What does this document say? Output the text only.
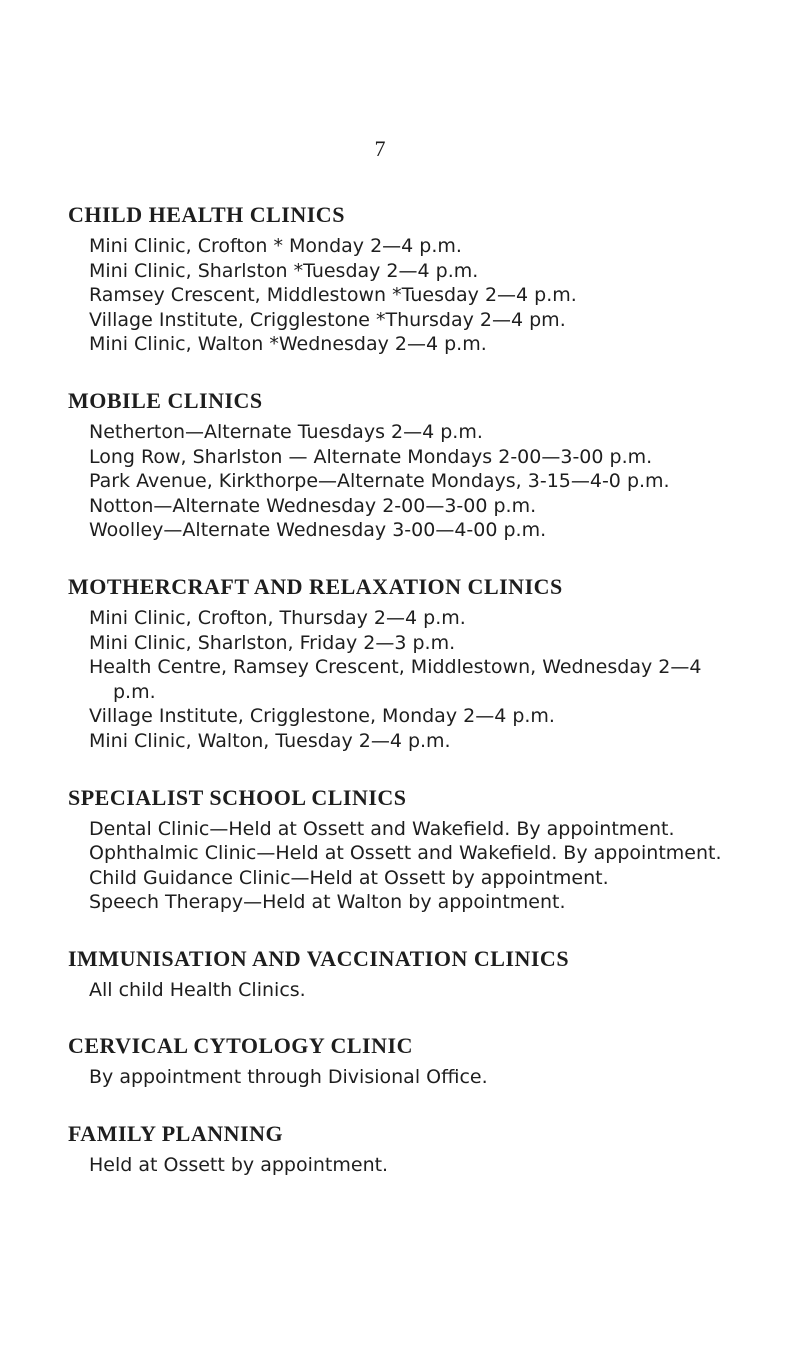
7
CHILD HEALTH CLINICS
Mini Clinic, Crofton * Monday 2—4 p.m.
Mini Clinic, Sharlston *Tuesday 2—4 p.m.
Ramsey Crescent, Middlestown *Tuesday 2—4 p.m.
Village Institute, Crigglestone *Thursday 2—4 pm.
Mini Clinic, Walton *Wednesday 2—4 p.m.
MOBILE CLINICS
Netherton—Alternate Tuesdays 2—4 p.m.
Long Row, Sharlston — Alternate Mondays 2-00—3-00 p.m.
Park Avenue, Kirkthorpe—Alternate Mondays, 3-15—4-0 p.m.
Notton—Alternate Wednesday 2-00—3-00 p.m.
Woolley—Alternate Wednesday 3-00—4-00 p.m.
MOTHERCRAFT AND RELAXATION CLINICS
Mini Clinic, Crofton, Thursday 2—4 p.m.
Mini Clinic, Sharlston, Friday 2—3 p.m.
Health Centre, Ramsey Crescent, Middlestown, Wednesday 2—4 p.m.
Village Institute, Crigglestone, Monday 2—4 p.m.
Mini Clinic, Walton, Tuesday 2—4 p.m.
SPECIALIST SCHOOL CLINICS
Dental Clinic—Held at Ossett and Wakefield. By appointment.
Ophthalmic Clinic—Held at Ossett and Wakefield. By appointment.
Child Guidance Clinic—Held at Ossett by appointment.
Speech Therapy—Held at Walton by appointment.
IMMUNISATION AND VACCINATION CLINICS
All child Health Clinics.
CERVICAL CYTOLOGY CLINIC
By appointment through Divisional Office.
FAMILY PLANNING
Held at Ossett by appointment.
